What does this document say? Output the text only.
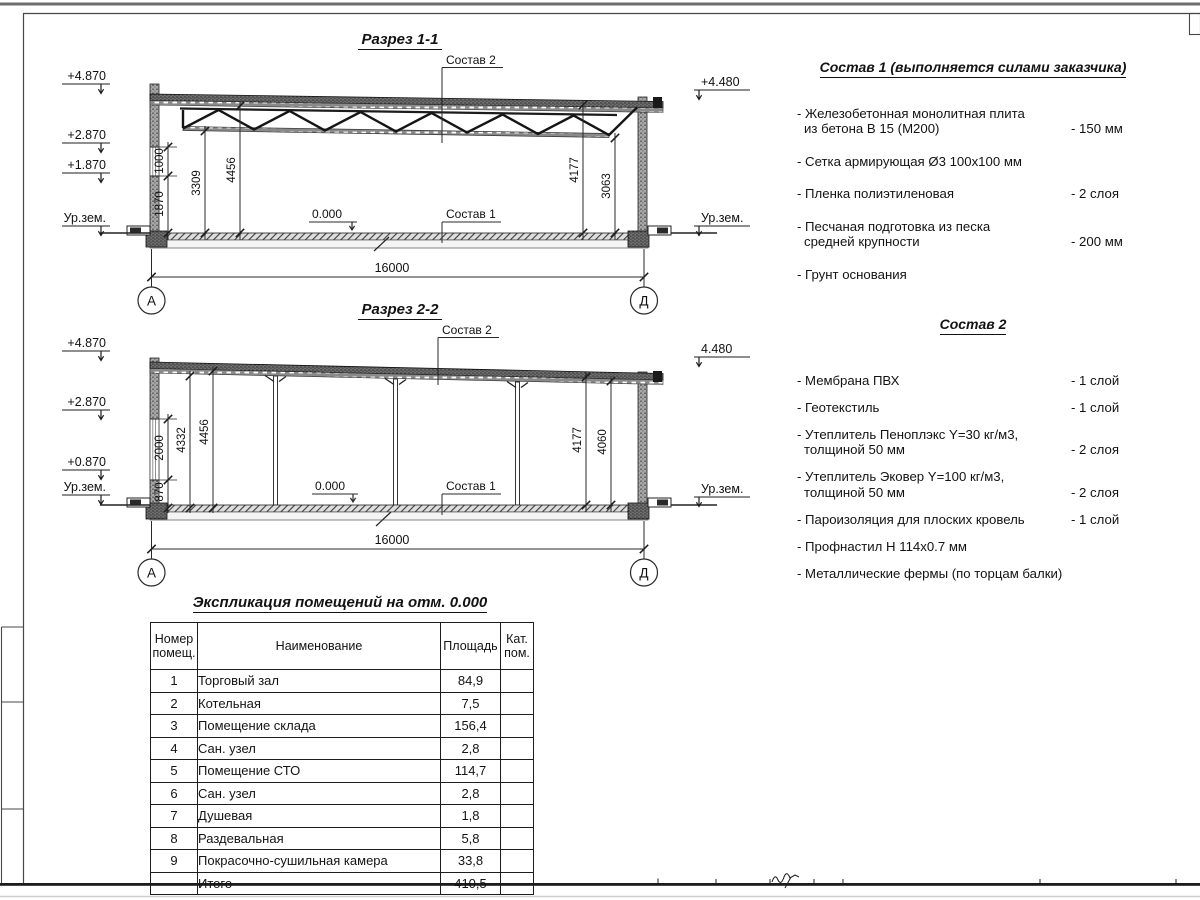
+4.870
+2.870
+1.870
Ур.зем.
+4.480
Ур.зем.
1870
1000
3309
4456	4177
3063
Состав 2
0.000	Состав 1
16000
А	Д
+4.870
+2.870
+0.870
Ур.зем.
4.480
Ур.зем.
870
2000 4332 4456	4177 4060
Состав 2
0.000	Состав 1
16000
А	Д
Разрез 1-1
Разрез 2-2
Состав 1 (выполняется силами заказчика)
- Железобетонная монолитная плита
из бетона В 15 (М200)	- 150 мм
- Сетка армирующая Ø3 100х100 мм
- Пленка полиэтиленовая	- 2 слоя
- Песчаная подготовка из песка
средней крупности	- 200 мм
- Грунт основания
Состав 2
- Мембрана ПВХ	- 1 слой
- Геотекстиль	- 1 слой
- Утеплитель Пеноплэкс Y=30 кг/м3,
толщиной 50 мм	- 2 слоя
- Утеплитель Эковер Y=100 кг/м3,
толщиной 50 мм	- 2 слоя
- Пароизоляция для плоских кровель	- 1 слой
- Профнастил Н 114х0.7 мм
- Металлические фермы (по торцам балки)
Экспликация помещений на отм. 0.000
Номер помещ.	Наименование	Площадь	Кат. пом.
1	Торговый зал	84,9	
2	Котельная	7,5	
3	Помещение склада	156,4	
4	Сан. узел	2,8	
5	Помещение СТО	114,7	
6	Сан. узел	2,8	
7	Душевая	1,8	
8	Раздевальная	5,8	
9	Покрасочно-сушильная камера	33,8	
	Итого	410,5	
